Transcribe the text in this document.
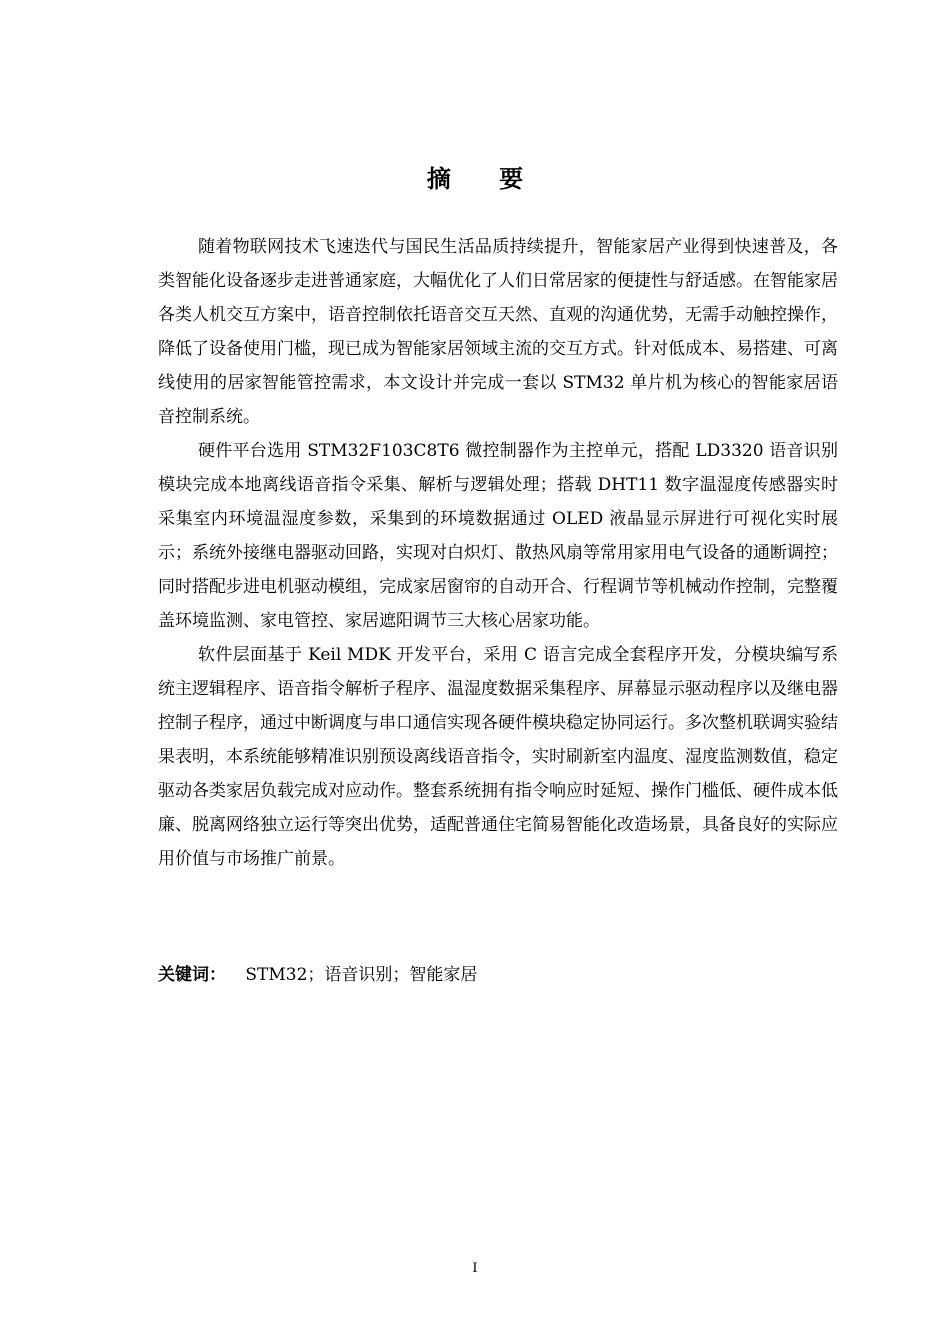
摘 要

随着物联网技术飞速迭代与国民生活品质持续提升，智能家居产业得到快速普及，各类智能化设备逐步走进普通家庭，大幅优化了人们日常居家的便捷性与舒适感。在智能家居各类人机交互方案中，语音控制依托语音交互天然、直观的沟通优势，无需手动触控操作，降低了设备使用门槛，现已成为智能家居领域主流的交互方式。针对低成本、易搭建、可离线使用的居家智能管控需求，本文设计并完成一套以 STM32 单片机为核心的智能家居语音控制系统。

硬件平台选用 STM32F103C8T6 微控制器作为主控单元，搭配 LD3320 语音识别模块完成本地离线语音指令采集、解析与逻辑处理；搭载 DHT11 数字温湿度传感器实时采集室内环境温湿度参数，采集到的环境数据通过 OLED 液晶显示屏进行可视化实时展示；系统外接继电器驱动回路，实现对白炽灯、散热风扇等常用家用电气设备的通断调控；同时搭配步进电机驱动模组，完成家居窗帘的自动开合、行程调节等机械动作控制，完整覆盖环境监测、家电管控、家居遮阳调节三大核心居家功能。

软件层面基于 Keil MDK 开发平台，采用 C 语言完成全套程序开发，分模块编写系统主逻辑程序、语音指令解析子程序、温湿度数据采集程序、屏幕显示驱动程序以及继电器控制子程序，通过中断调度与串口通信实现各硬件模块稳定协同运行。多次整机联调实验结果表明，本系统能够精准识别预设离线语音指令，实时刷新室内温度、湿度监测数值，稳定驱动各类家居负载完成对应动作。整套系统拥有指令响应时延短、操作门槛低、硬件成本低廉、脱离网络独立运行等突出优势，适配普通住宅简易智能化改造场景，具备良好的实际应用价值与市场推广前景。

关键词： STM32；语音识别；智能家居
I
